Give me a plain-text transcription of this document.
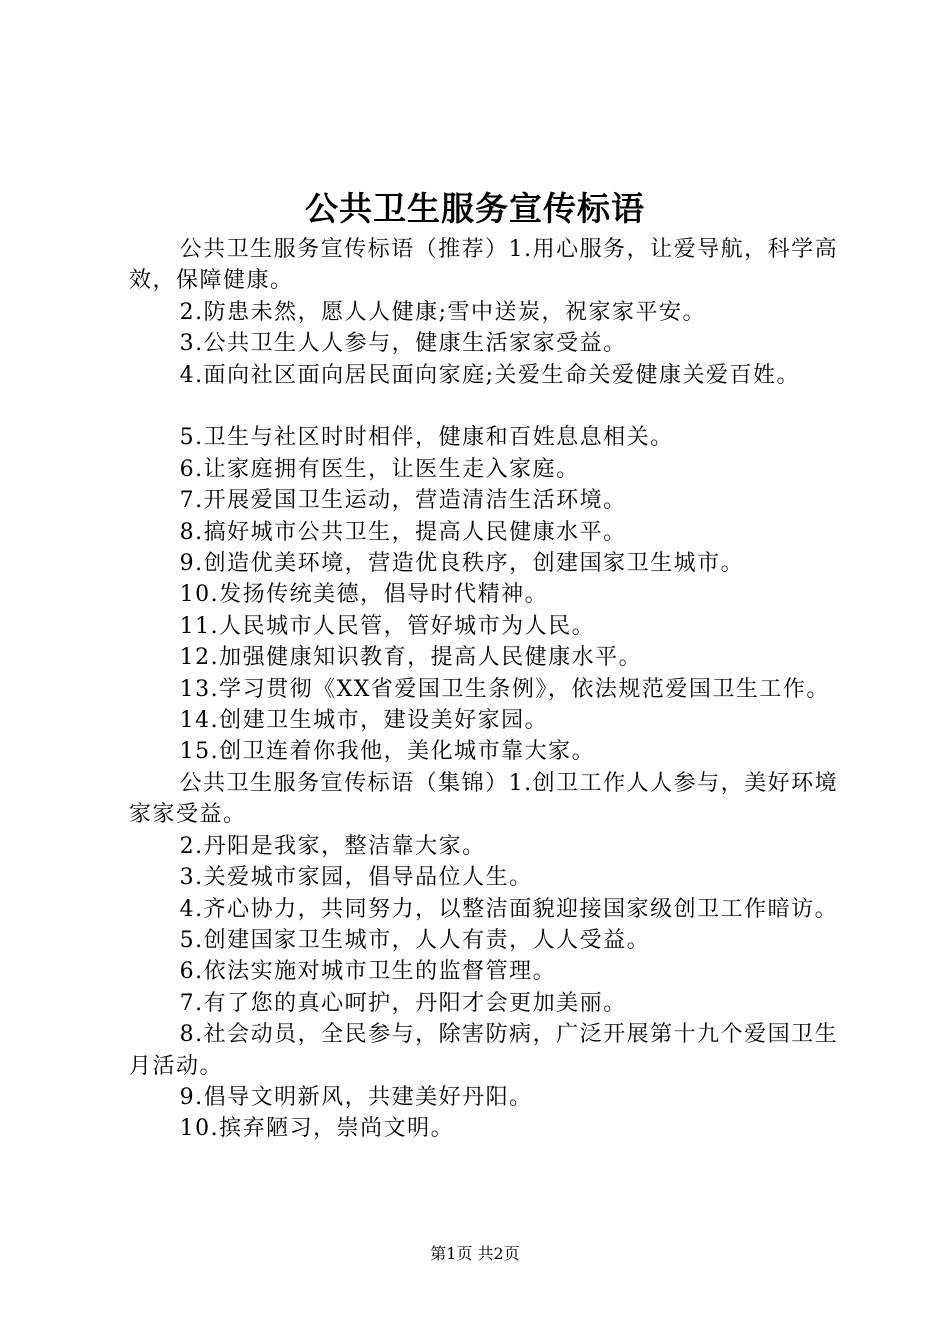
公共卫生服务宣传标语

公共卫生服务宣传标语（推荐）1.用心服务，让爱导航，科学高效，保障健康。

2.防患未然，愿人人健康;雪中送炭，祝家家平安。

3.公共卫生人人参与，健康生活家家受益。

4.面向社区面向居民面向家庭;关爱生命关爱健康关爱百姓。

5.卫生与社区时时相伴，健康和百姓息息相关。

6.让家庭拥有医生，让医生走入家庭。

7.开展爱国卫生运动，营造清洁生活环境。

8.搞好城市公共卫生，提高人民健康水平。

9.创造优美环境，营造优良秩序，创建国家卫生城市。

10.发扬传统美德，倡导时代精神。

11.人民城市人民管，管好城市为人民。

12.加强健康知识教育，提高人民健康水平。

13.学习贯彻《XX省爱国卫生条例》，依法规范爱国卫生工作。

14.创建卫生城市，建设美好家园。

15.创卫连着你我他，美化城市靠大家。

公共卫生服务宣传标语（集锦）1.创卫工作人人参与，美好环境家家受益。

2.丹阳是我家，整洁靠大家。

3.关爱城市家园，倡导品位人生。

4.齐心协力，共同努力，以整洁面貌迎接国家级创卫工作暗访。

5.创建国家卫生城市，人人有责，人人受益。

6.依法实施对城市卫生的监督管理。

7.有了您的真心呵护，丹阳才会更加美丽。

8.社会动员，全民参与，除害防病，广泛开展第十九个爱国卫生月活动。

9.倡导文明新风，共建美好丹阳。

10.摈弃陋习，崇尚文明。

第1页 共2页
